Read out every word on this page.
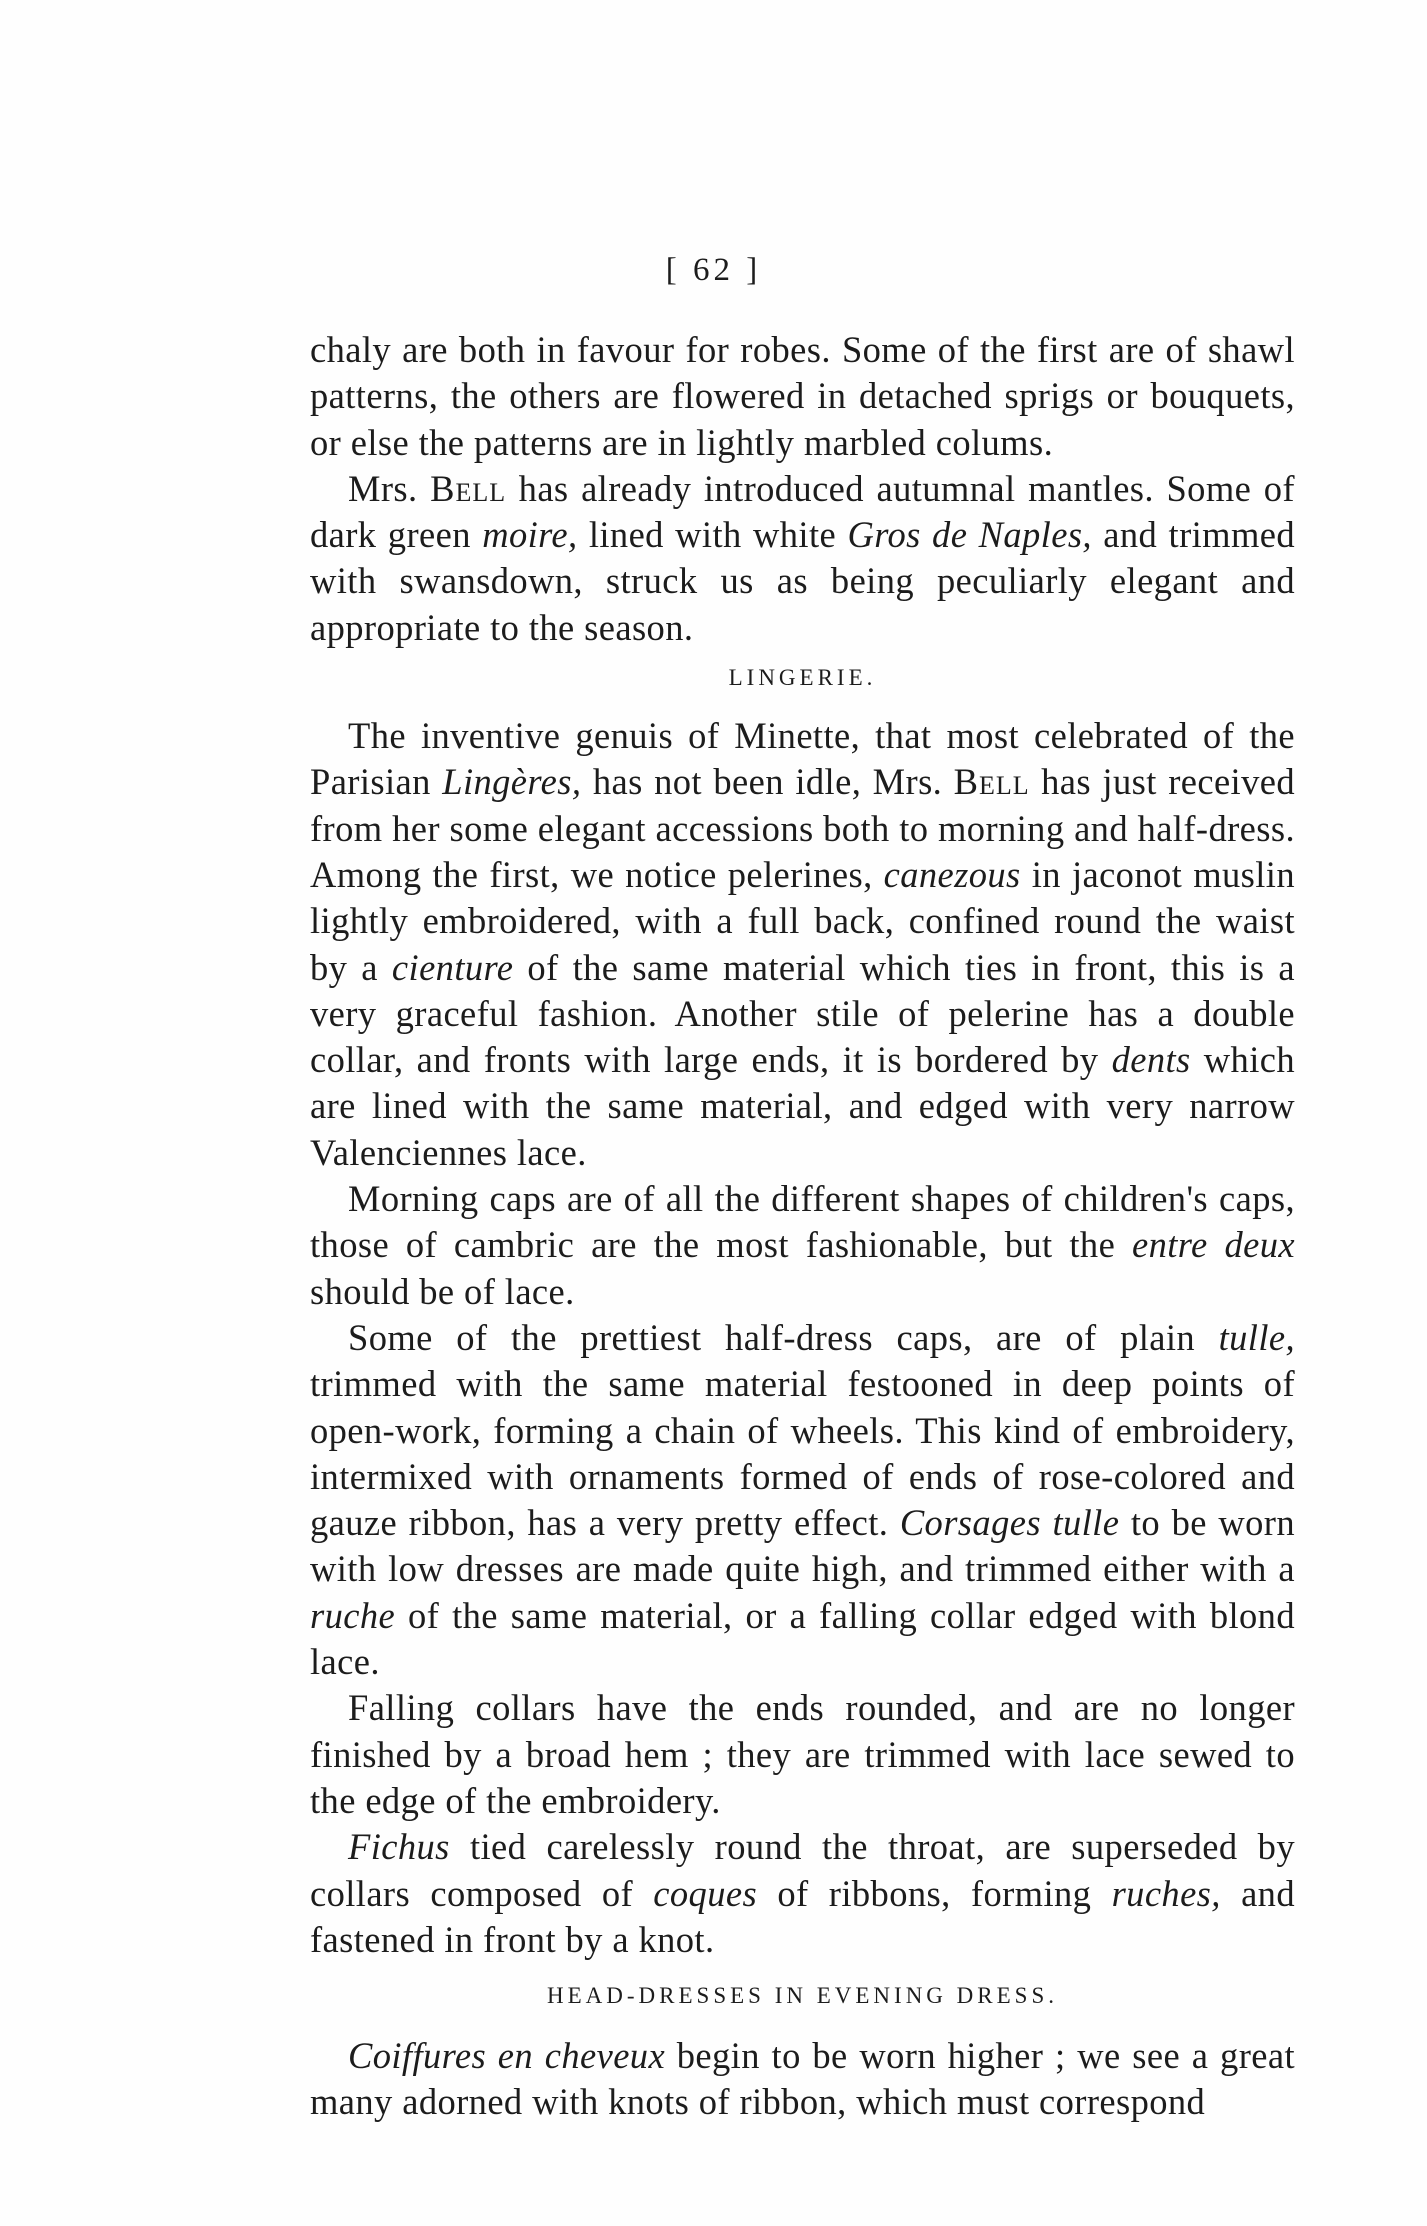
[ 62 ]

chaly are both in favour for robes. Some of the first are of shawl patterns, the others are flowered in detached sprigs or bouquets, or else the patterns are in lightly marbled colums.

Mrs. Bell has already introduced autumnal mantles. Some of dark green moire, lined with white Gros de Naples, and trimmed with swansdown, struck us as being peculiarly elegant and appropriate to the season.

LINGERIE.

The inventive genuis of Minette, that most celebrated of the Parisian Lingères, has not been idle, Mrs. Bell has just received from her some elegant accessions both to morning and half-dress. Among the first, we notice pelerines, canezous in jaconot muslin lightly embroidered, with a full back, confined round the waist by a cienture of the same material which ties in front, this is a very graceful fashion. Another stile of pelerine has a double collar, and fronts with large ends, it is bordered by dents which are lined with the same material, and edged with very narrow Valenciennes lace.

Morning caps are of all the different shapes of children's caps, those of cambric are the most fashionable, but the entre deux should be of lace.

Some of the prettiest half-dress caps, are of plain tulle, trimmed with the same material festooned in deep points of open-work, forming a chain of wheels. This kind of embroidery, intermixed with ornaments formed of ends of rose-colored and gauze ribbon, has a very pretty effect. Corsages tulle to be worn with low dresses are made quite high, and trimmed either with a ruche of the same material, or a falling collar edged with blond lace.

Falling collars have the ends rounded, and are no longer finished by a broad hem ; they are trimmed with lace sewed to the edge of the embroidery.

Fichus tied carelessly round the throat, are superseded by collars composed of coques of ribbons, forming ruches, and fastened in front by a knot.

HEAD-DRESSES IN EVENING DRESS.

Coiffures en cheveux begin to be worn higher ; we see a great many adorned with knots of ribbon, which must correspond
